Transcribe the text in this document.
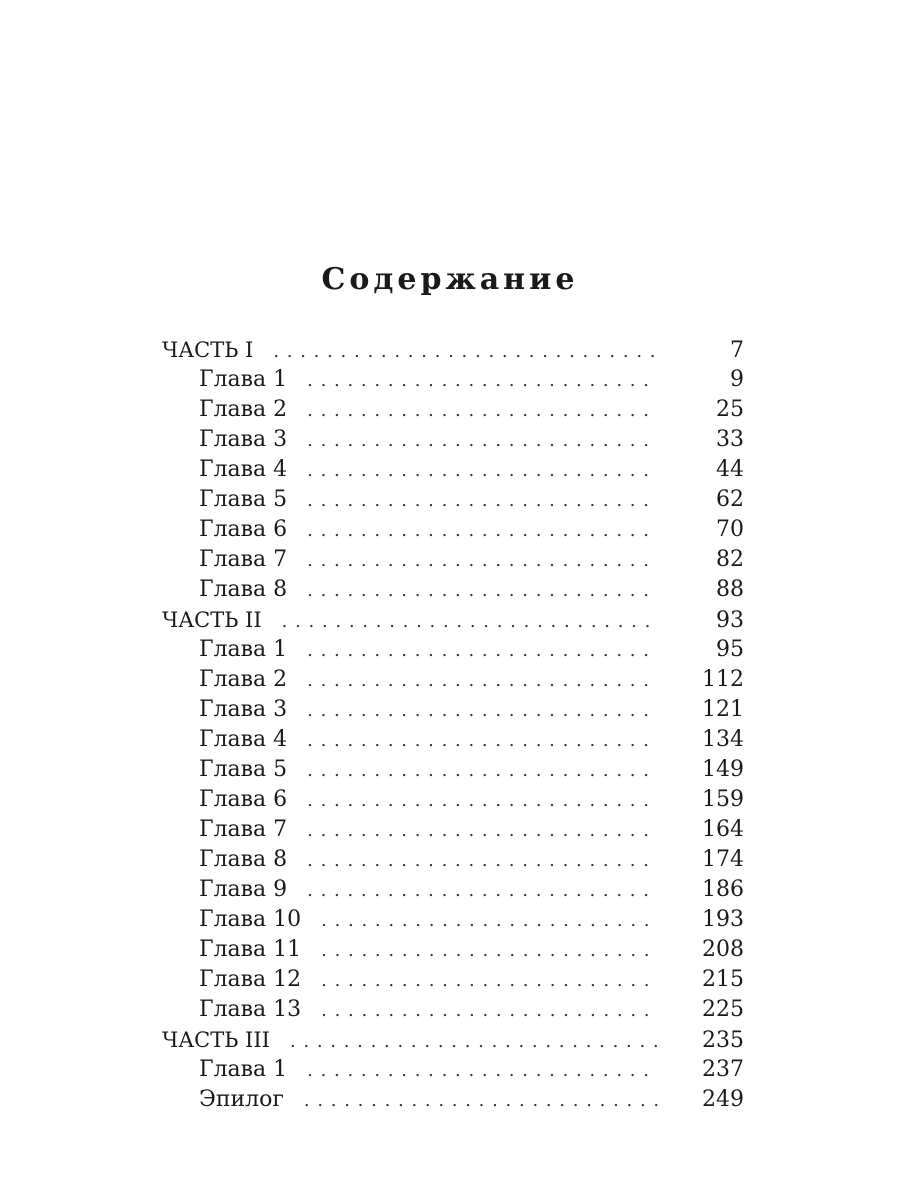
Содержание
ЧАСТЬ I . . .	7
Глава 1 . . .	9
Глава 2 . . .	25
Глава 3 . . .	33
Глава 4 . . .	44
Глава 5 . . .	62
Глава 6 . . .	70
Глава 7 . . .	82
Глава 8 . . .	88
ЧАСТЬ II . . .	93
Глава 1 . . .	95
Глава 2 . . .	112
Глава 3 . . .	121
Глава 4 . . .	134
Глава 5 . . .	149
Глава 6 . . .	159
Глава 7 . . .	164
Глава 8 . . .	174
Глава 9 . . .	186
Глава 10 . . .	193
Глава 11 . . .	208
Глава 12 . . .	215
Глава 13 . . .	225
ЧАСТЬ III . . .	235
Глава 1 . . .	237
Эпилог . . .	249
